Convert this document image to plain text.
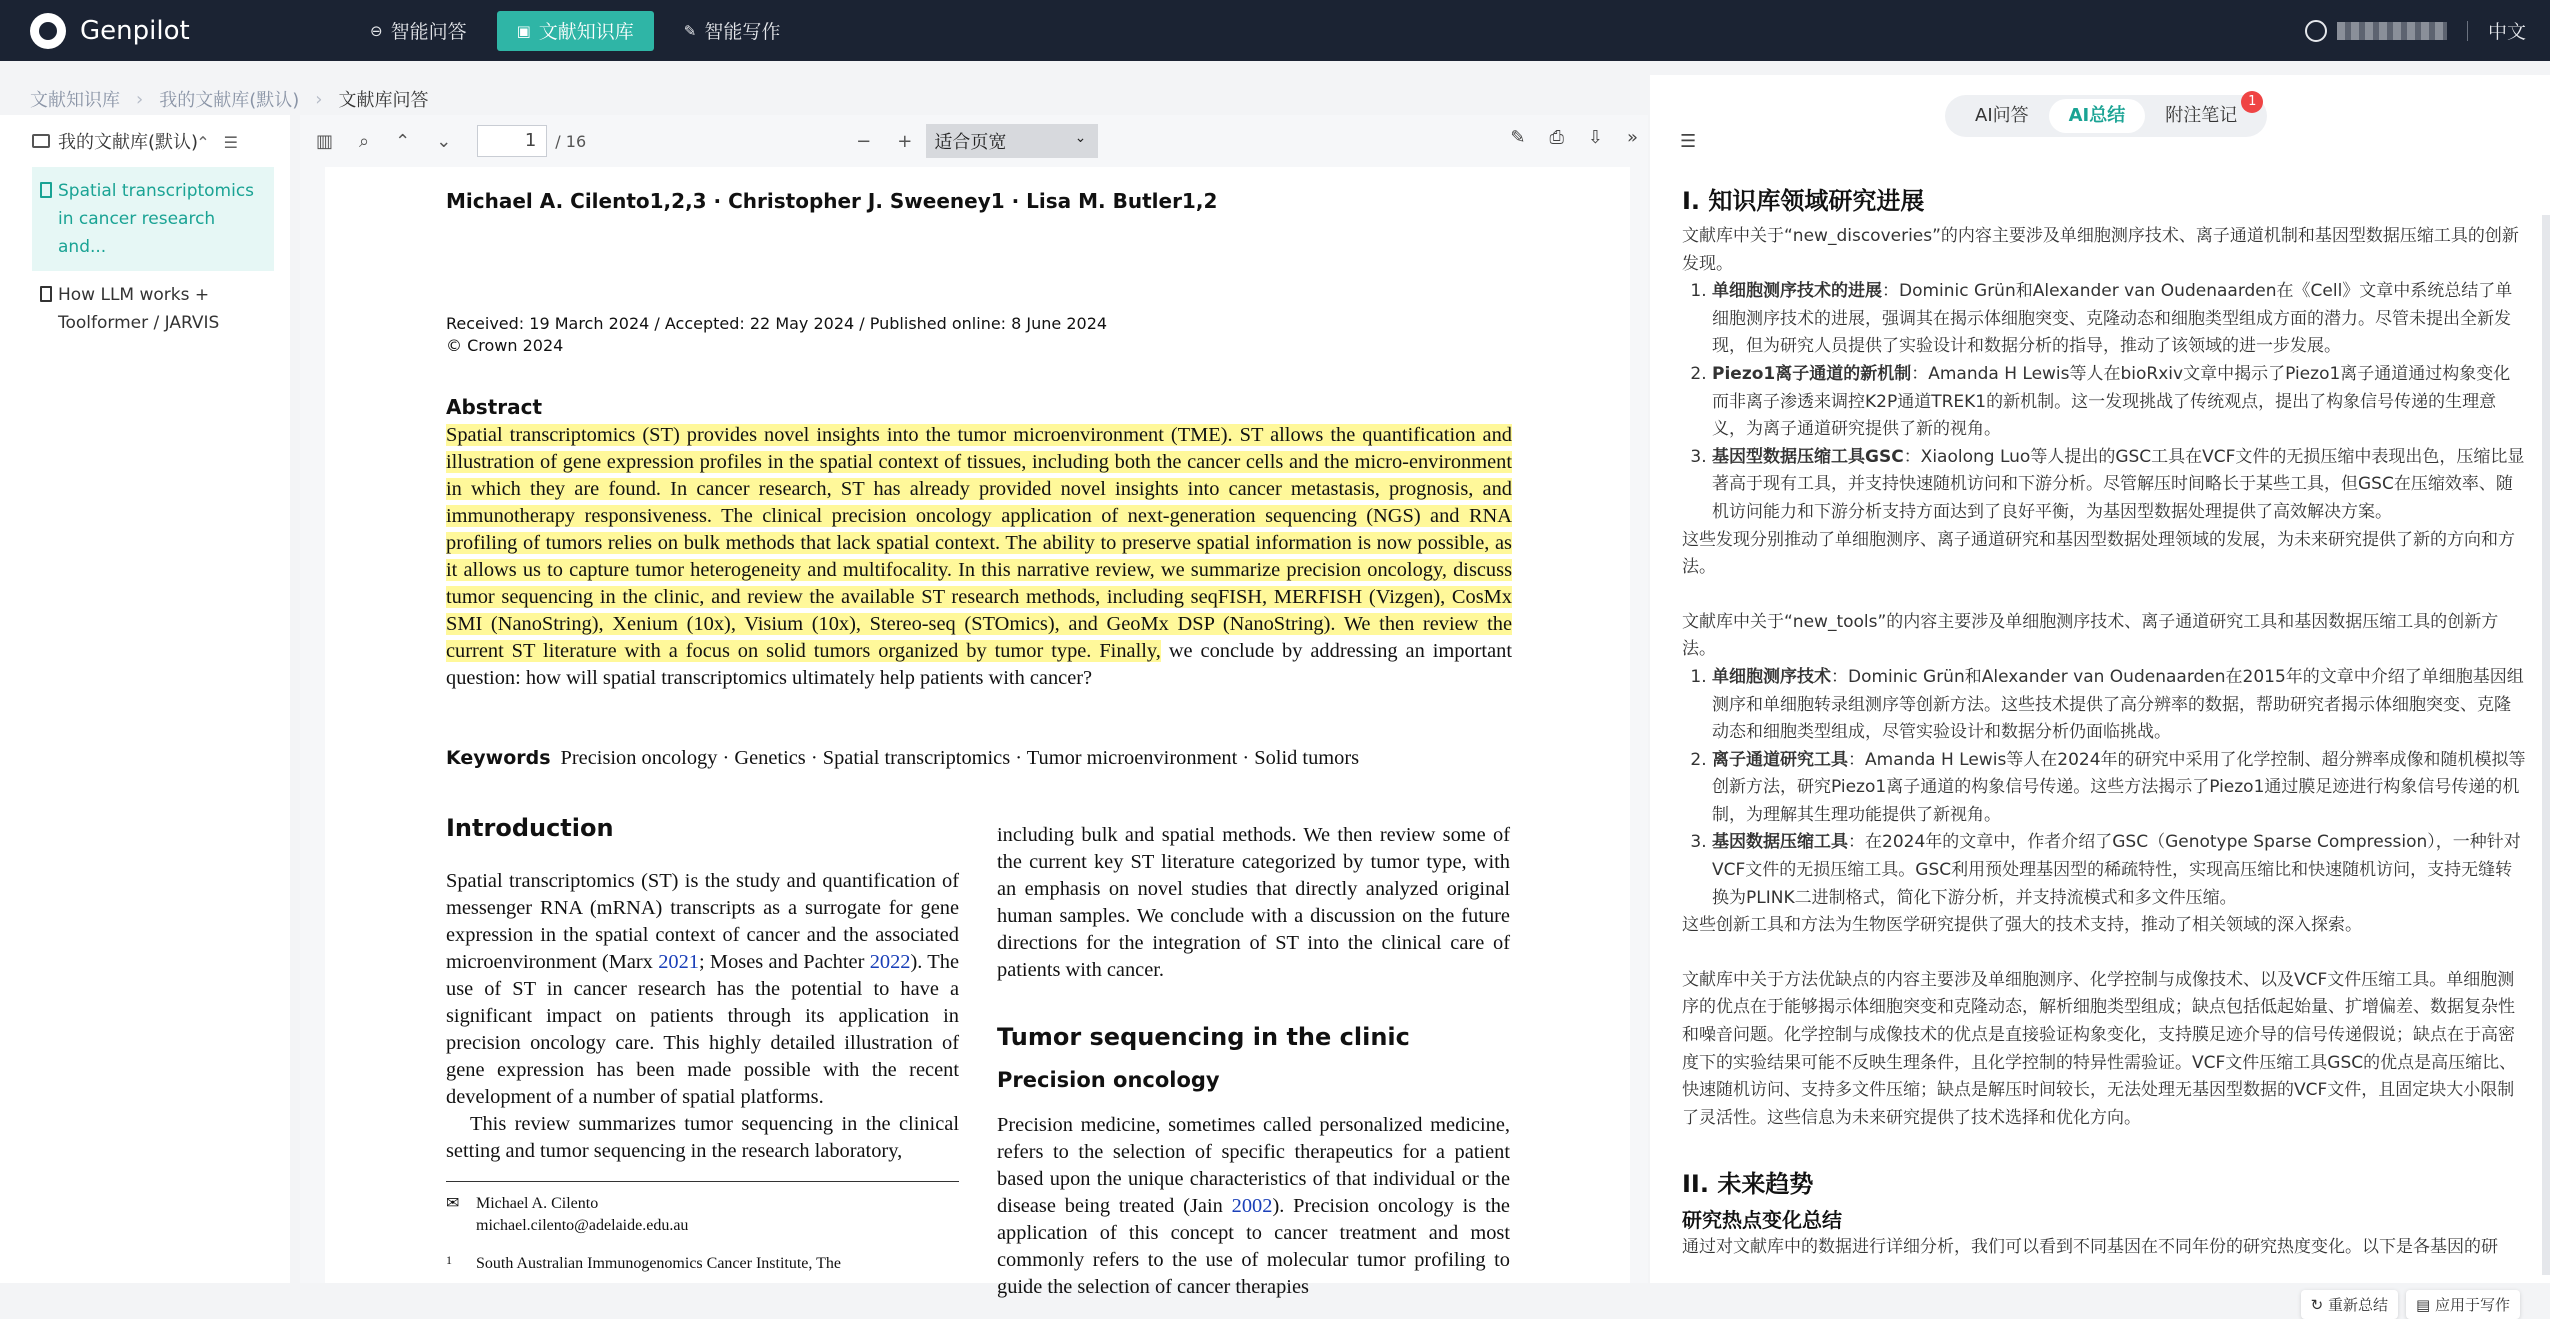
Genpilot	⊖ 智能问答	▣ 文献知识库	✎ 智能写作	中文
文献知识库 › 我的文献库(默认) › 文献库问答
我的文献库(默认)
⌃☰
Spatial transcriptomics
in cancer research and...
How LLM works +
Toolformer / JARVIS
▥ ⌕ ⌃ ⌄	1	/ 16	− + 适合页宽	⌄	✎ ⎙ ⇩ »
Michael A. Cilento1,2,3 · Christopher J. Sweeney1 · Lisa M. Butler1,2
Received: 19 March 2024 / Accepted: 22 May 2024 / Published online: 8 June 2024
© Crown 2024
Abstract
Spatial transcriptomics (ST) provides novel insights into the tumor microenvironment (TME). ST allows the quantification and illustration of gene expression profiles in the spatial context of tissues, including both the cancer cells and the micro-environment in which they are found. In cancer research, ST has already provided novel insights into cancer metastasis, prognosis, and immunotherapy responsiveness. The clinical precision oncology application of next-generation sequencing (NGS) and RNA profiling of tumors relies on bulk methods that lack spatial context. The ability to preserve spatial information is now possible, as it allows us to capture tumor heterogeneity and multifocality. In this narrative review, we summarize precision oncology, discuss tumor sequencing in the clinic, and review the available ST research methods, including seqFISH, MERFISH (Vizgen), CosMx SMI (NanoString), Xenium (10x), Visium (10x), Stereo-seq (STOmics), and GeoMx DSP (NanoString). We then review the current ST literature with a focus on solid tumors organized by tumor type. Finally, we conclude by addressing an important question: how will spatial transcriptomics ultimately help patients with cancer?
Keywords Precision oncology · Genetics · Spatial transcriptomics · Tumor microenvironment · Solid tumors
Introduction

Spatial transcriptomics (ST) is the study and quantification of messenger RNA (mRNA) transcripts as a surrogate for gene expression in the spatial context of cancer and the associated microenvironment (Marx 2021; Moses and Pachter 2022). The use of ST in cancer research has the potential to have a significant impact on patients through its application in precision oncology care. This highly detailed illustration of gene expression has been made possible with the recent development of a number of spatial platforms.

This review summarizes tumor sequencing in the clinical setting and tumor sequencing in the research laboratory,

including bulk and spatial methods. We then review some of the current key ST literature categorized by tumor type, with an emphasis on novel studies that directly analyzed original human samples. We conclude with a discussion on the future directions for the integration of ST into the clinical care of patients with cancer.

Tumor sequencing in the clinic
Precision oncology

Precision medicine, sometimes called personalized medicine, refers to the selection of specific therapeutics for a patient based upon the unique characteristics of that individual or the disease being treated (Jain 2002). Precision oncology is the application of this concept to cancer treatment and most commonly refers to the use of molecular tumor profiling to guide the selection of cancer therapies

✉ Michael A. Cilento
michael.cilento@adelaide.edu.au
1 South Australian Immunogenomics Cancer Institute, The
AI问答	AI总结	附注笔记
1
☰
I. 知识库领域研究进展

文献库中关于“new_discoveries”的内容主要涉及单细胞测序技术、离子通道机制和基因型数据压缩工具的创新发现。

1. 单细胞测序技术的进展：Dominic Grün和Alexander van Oudenaarden在《Cell》文章中系统总结了单细胞测序技术的进展，强调其在揭示体细胞突变、克隆动态和细胞类型组成方面的潜力。尽管未提出全新发现，但为研究人员提供了实验设计和数据分析的指导，推动了该领域的进一步发展。
2. Piezo1离子通道的新机制：Amanda H Lewis等人在bioRxiv文章中揭示了Piezo1离子通道通过构象变化而非离子渗透来调控K2P通道TREK1的新机制。这一发现挑战了传统观点，提出了构象信号传递的生理意义，为离子通道研究提供了新的视角。
3. 基因型数据压缩工具GSC：Xiaolong Luo等人提出的GSC工具在VCF文件的无损压缩中表现出色，压缩比显著高于现有工具，并支持快速随机访问和下游分析。尽管解压时间略长于某些工具，但GSC在压缩效率、随机访问能力和下游分析支持方面达到了良好平衡，为基因型数据处理提供了高效解决方案。

这些发现分别推动了单细胞测序、离子通道研究和基因型数据处理领域的发展，为未来研究提供了新的方向和方法。

文献库中关于“new_tools”的内容主要涉及单细胞测序技术、离子通道研究工具和基因数据压缩工具的创新方法。

1. 单细胞测序技术：Dominic Grün和Alexander van Oudenaarden在2015年的文章中介绍了单细胞基因组测序和单细胞转录组测序等创新方法。这些技术提供了高分辨率的数据，帮助研究者揭示体细胞突变、克隆动态和细胞类型组成，尽管实验设计和数据分析仍面临挑战。
2. 离子通道研究工具：Amanda H Lewis等人在2024年的研究中采用了化学控制、超分辨率成像和随机模拟等创新方法，研究Piezo1离子通道的构象信号传递。这些方法揭示了Piezo1通过膜足迹进行构象信号传递的机制，为理解其生理功能提供了新视角。
3. 基因数据压缩工具：在2024年的文章中，作者介绍了GSC（Genotype Sparse Compression），一种针对VCF文件的无损压缩工具。GSC利用预处理基因型的稀疏特性，实现高压缩比和快速随机访问，支持无缝转换为PLINK二进制格式，简化下游分析，并支持流模式和多文件压缩。

这些创新工具和方法为生物医学研究提供了强大的技术支持，推动了相关领域的深入探索。

文献库中关于方法优缺点的内容主要涉及单细胞测序、化学控制与成像技术、以及VCF文件压缩工具。单细胞测序的优点在于能够揭示体细胞突变和克隆动态，解析细胞类型组成；缺点包括低起始量、扩增偏差、数据复杂性和噪音问题。化学控制与成像技术的优点是直接验证构象变化，支持膜足迹介导的信号传递假说；缺点在于高密度下的实验结果可能不反映生理条件，且化学控制的特异性需验证。VCF文件压缩工具GSC的优点是高压缩比、快速随机访问、支持多文件压缩；缺点是解压时间较长，无法处理无基因型数据的VCF文件，且固定块大小限制了灵活性。这些信息为未来研究提供了技术选择和优化方向。

II. 未来趋势
研究热点变化总结

通过对文献库中的数据进行详细分析，我们可以看到不同基因在不同年份的研究热度变化。以下是各基因的研

↻ 重新总结	▤ 应用于写作
